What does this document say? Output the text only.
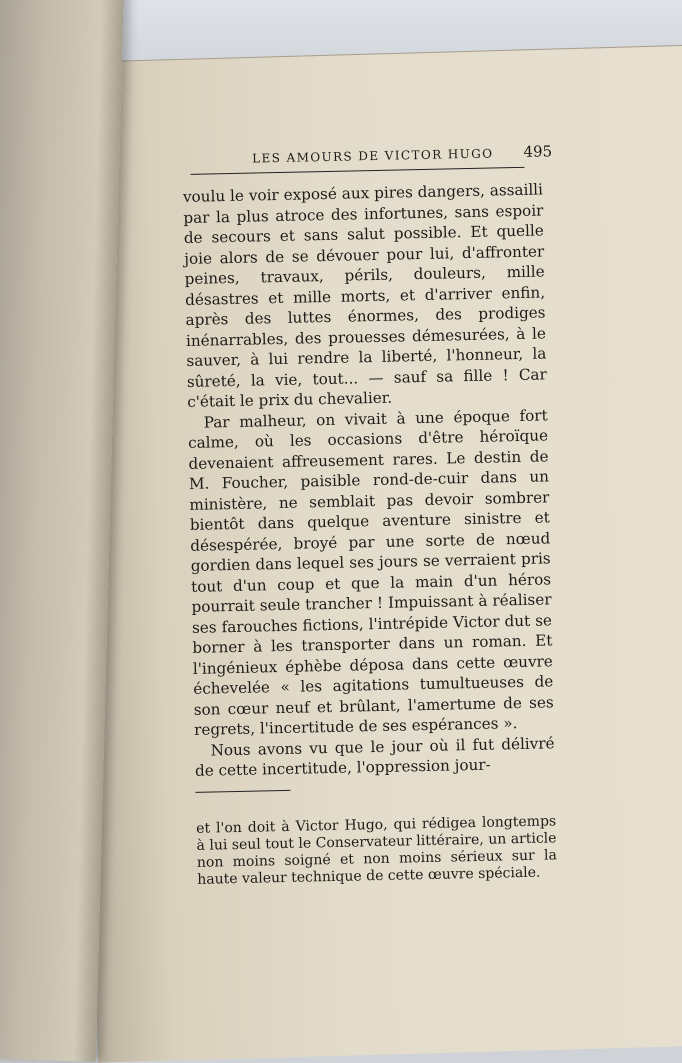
LES AMOURS DE VICTOR HUGO 495

voulu le voir exposé aux pires dangers, assailli par la plus atroce des infortunes, sans espoir de secours et sans salut possible. Et quelle joie alors de se dévouer pour lui, d'affronter peines, travaux, périls, douleurs, mille désastres et mille morts, et d'arriver enfin, après des luttes énormes, des prodiges inénarrables, des prouesses démesurées, à le sauver, à lui rendre la liberté, l'honneur, la sûreté, la vie, tout... — sauf sa fille ! Car c'était le prix du chevalier.

Par malheur, on vivait à une époque fort calme, où les occasions d'être héroïque devenaient affreusement rares. Le destin de M. Foucher, paisible rond-de-cuir dans un ministère, ne semblait pas devoir sombrer bientôt dans quelque aventure sinistre et désespérée, broyé par une sorte de nœud gordien dans lequel ses jours se verraient pris tout d'un coup et que la main d'un héros pourrait seule trancher ! Impuissant à réaliser ses farouches fictions, l'intrépide Victor dut se borner à les transporter dans un roman. Et l'ingénieux éphèbe déposa dans cette œuvre échevelée « les agitations tumultueuses de son cœur neuf et brûlant, l'amertume de ses regrets, l'incertitude de ses espérances ».

Nous avons vu que le jour où il fut délivré de cette incertitude, l'oppression jour-

et l'on doit à Victor Hugo, qui rédigea longtemps à lui seul tout le Conservateur littéraire, un article non moins soigné et non moins sérieux sur la haute valeur technique de cette œuvre spéciale.
